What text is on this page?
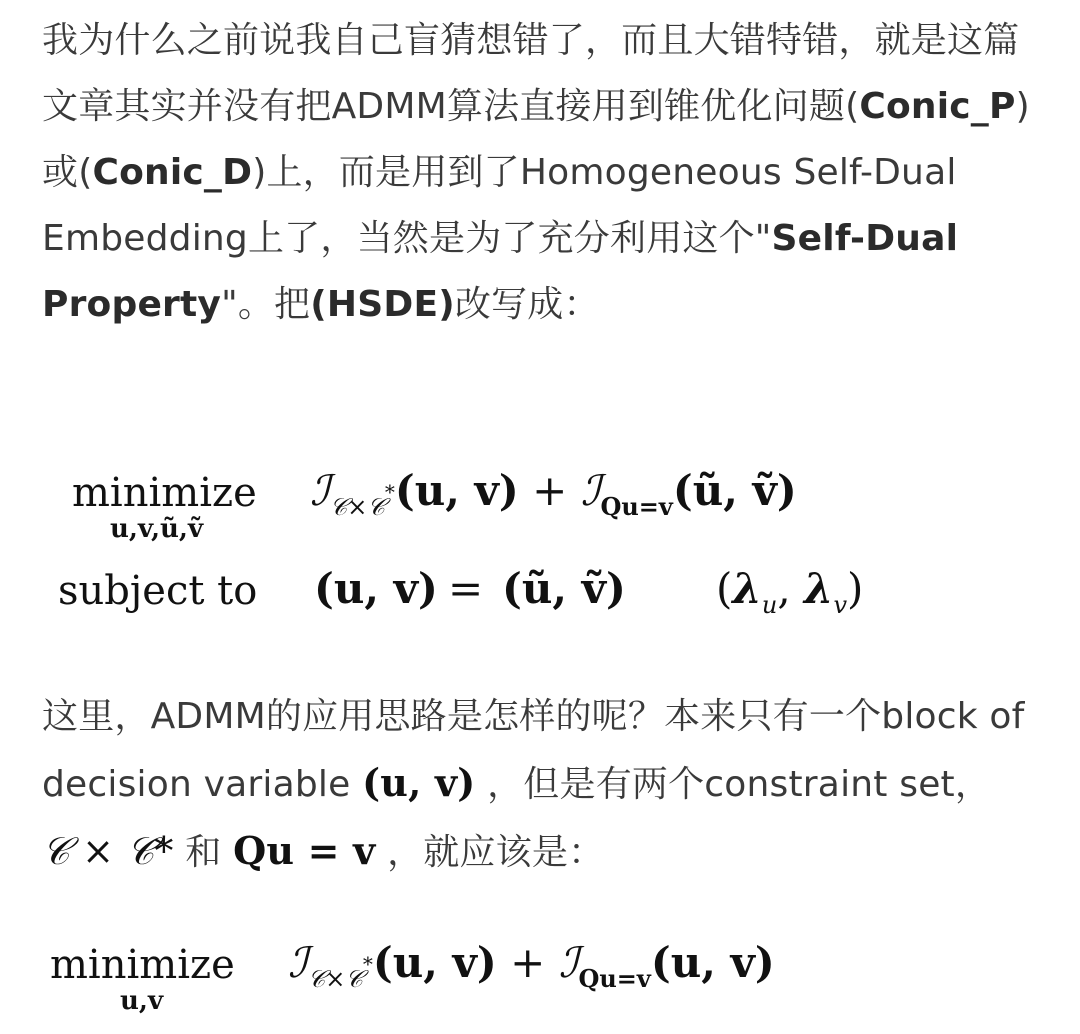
我为什么之前说我自己盲猜想错了，而且大错特错，就是这篇文章其实并没有把ADMM算法直接用到锥优化问题(Conic_P)或(Conic_D)上，而是用到了Homogeneous Self-Dual Embedding上了，当然是为了充分利用这个"Self-Dual Property"。把(HSDE)改写成：

minimize
u,v,ũ,ṽ
ℐ$_{𝒞\times 𝒞^*}$(u, v) + ℐ$_{Qu=v}$(ũ, ṽ)
subject to (u, v) = (ũ, ṽ) ($\lambda_u$, $\lambda_v$)

这里，ADMM的应用思路是怎样的呢？本来只有一个block of decision variable (u, v) ，但是有两个constraint set， 𝒞 × 𝒞* 和 Qu = v ，就应该是：

minimize
u,v
ℐ$_{𝒞\times 𝒞^*}$(u, v) + ℐ$_{Qu=v}$(u, v)
